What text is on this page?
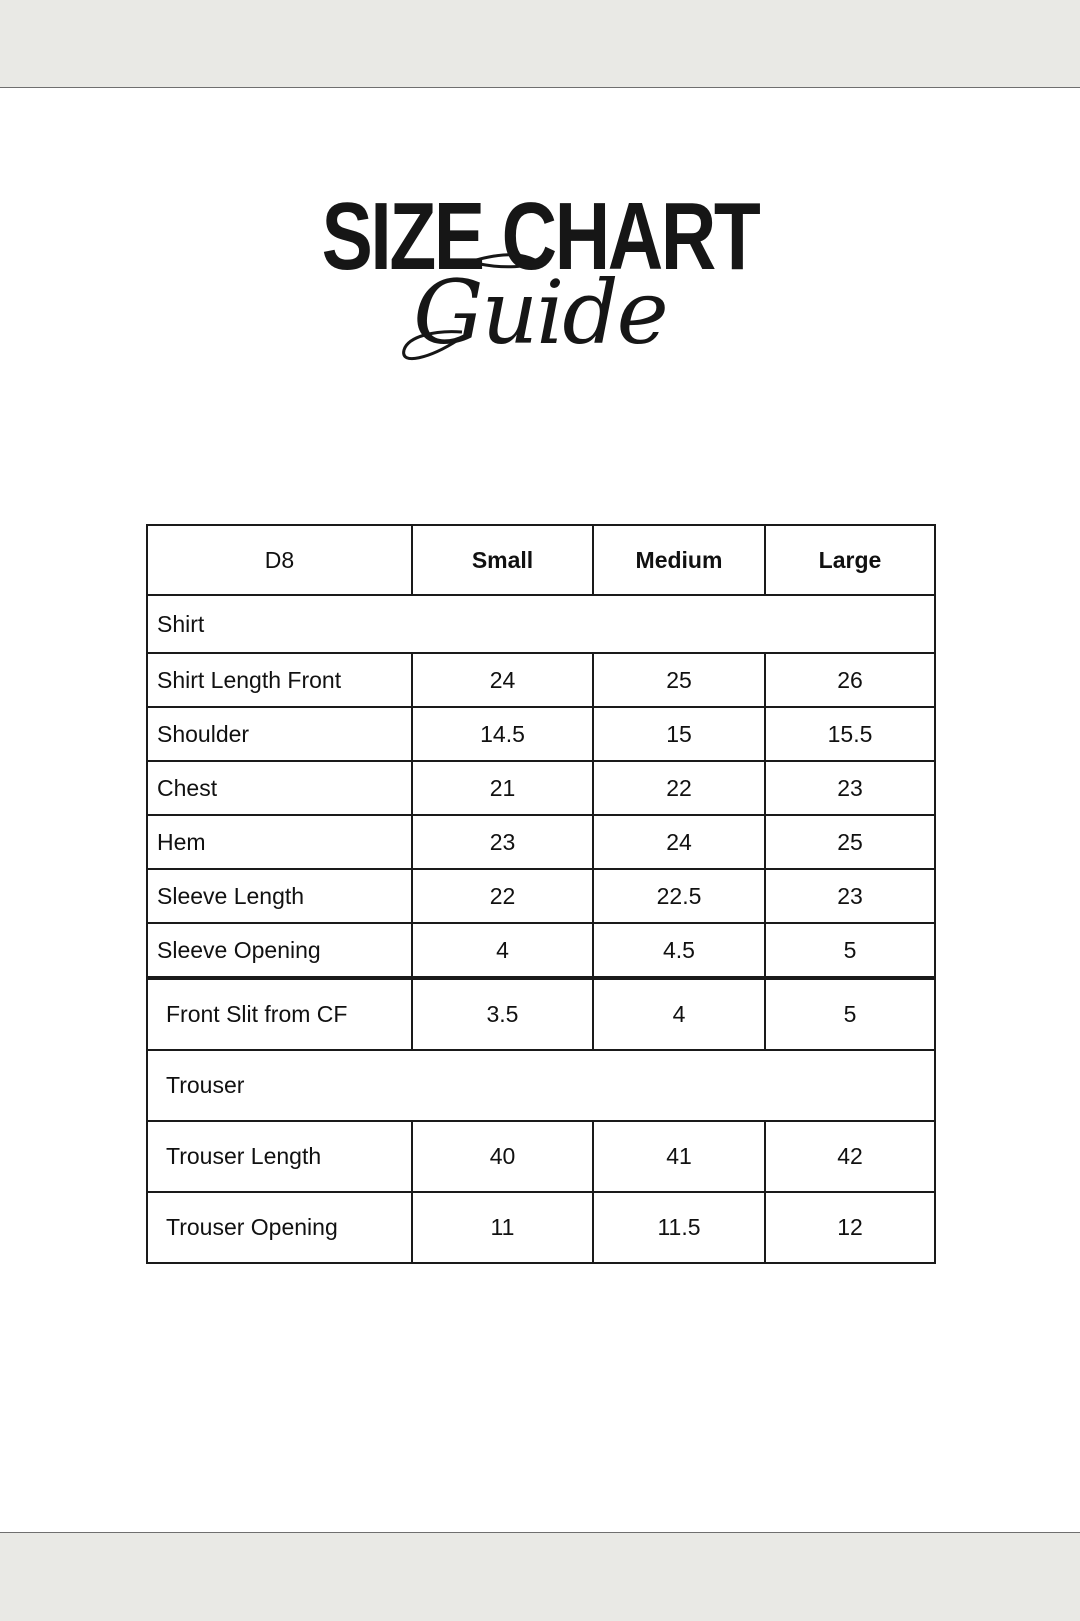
SIZE CHART
Guide
D8	Small	Medium	Large
Shirt			
Shirt Length Front	24	25	26
Shoulder	14.5	15	15.5
Chest	21	22	23
Hem	23	24	25
Sleeve Length	22	22.5	23
Sleeve Opening	4	4.5	5
Front Slit from CF	3.5	4	5
Trouser			
Trouser Length	40	41	42
Trouser Opening	11	11.5	12
